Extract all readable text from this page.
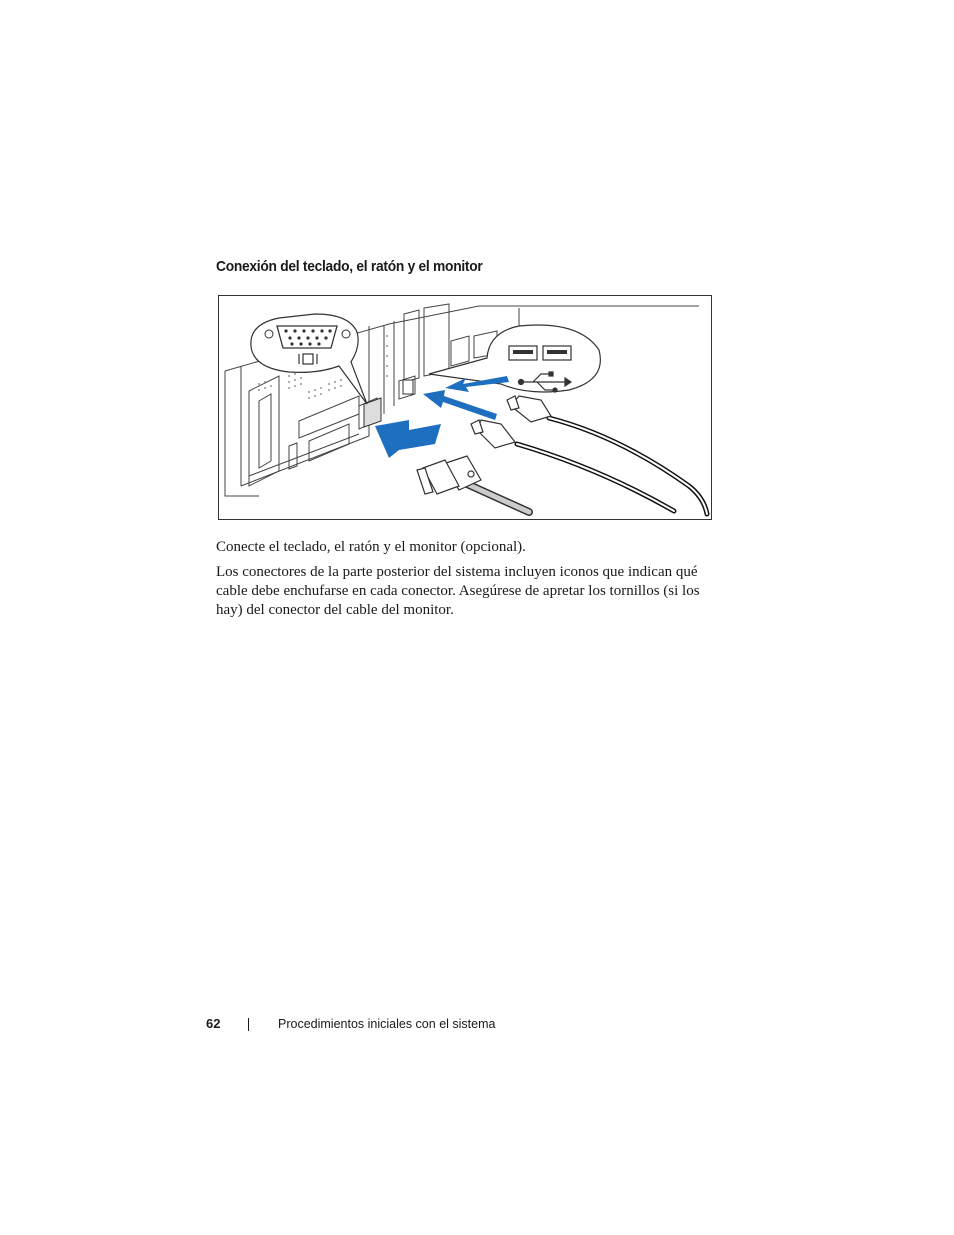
Conexión del teclado, el ratón y el monitor

Conecte el teclado, el ratón y el monitor (opcional).

Los conectores de la parte posterior del sistema incluyen iconos que indican qué cable debe enchufarse en cada conector. Asegúrese de apretar los tornillos (si los hay) del conector del cable del monitor.

62	Procedimientos iniciales con el sistema
